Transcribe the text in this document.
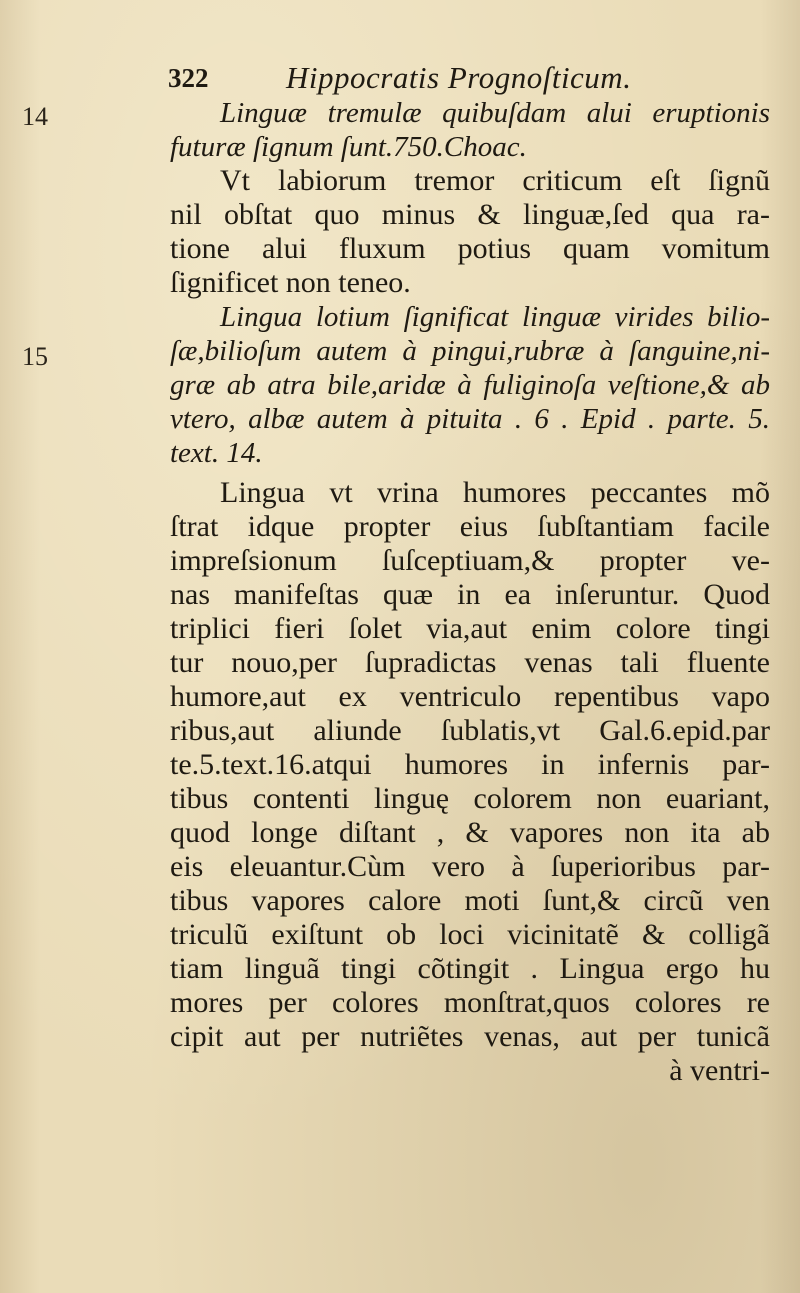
322	Hippocratis Prognoſticum.
14
15
Linguæ tremulæ quibuſdam alui eruptionis
futuræ ſignum ſunt.750.Choac.
Vt labiorum tremor criticum eſt ſignũ
nil obſtat quo minus & linguæ,ſed qua ra-
tione alui fluxum potius quam vomitum
ſignificet non teneo.
Lingua lotium ſignificat linguæ virides bilio-
ſæ,bilioſum autem à pingui,rubræ à ſanguine,ni-
græ ab atra bile,aridæ à fuliginoſa veſtione,& ab
vtero, albæ autem à pituita . 6 . Epid . parte. 5.
text. 14.
Lingua vt vrina humores peccantes mõ
ſtrat idque propter eius ſubſtantiam facile
impreſsionum ſuſceptiuam,& propter ve-
nas manifeſtas quæ in ea inſeruntur. Quod
triplici fieri ſolet via,aut enim colore tingi
tur nouo,per ſupradictas venas tali fluente
humore,aut ex ventriculo repentibus vapo
ribus,aut aliunde ſublatis,vt Gal.6.epid.par
te.5.text.16.atqui humores in infernis par-
tibus contenti linguę colorem non euariant,
quod longe diſtant , & vapores non ita ab
eis eleuantur.Cùm vero à ſuperioribus par-
tibus vapores calore moti ſunt,& circũ ven
triculũ exiſtunt ob loci vicinitatẽ & colligã
tiam linguã tingi cõtingit . Lingua ergo hu
mores per colores monſtrat,quos colores re
cipit aut per nutriẽtes venas, aut per tunicã
à ventri-
